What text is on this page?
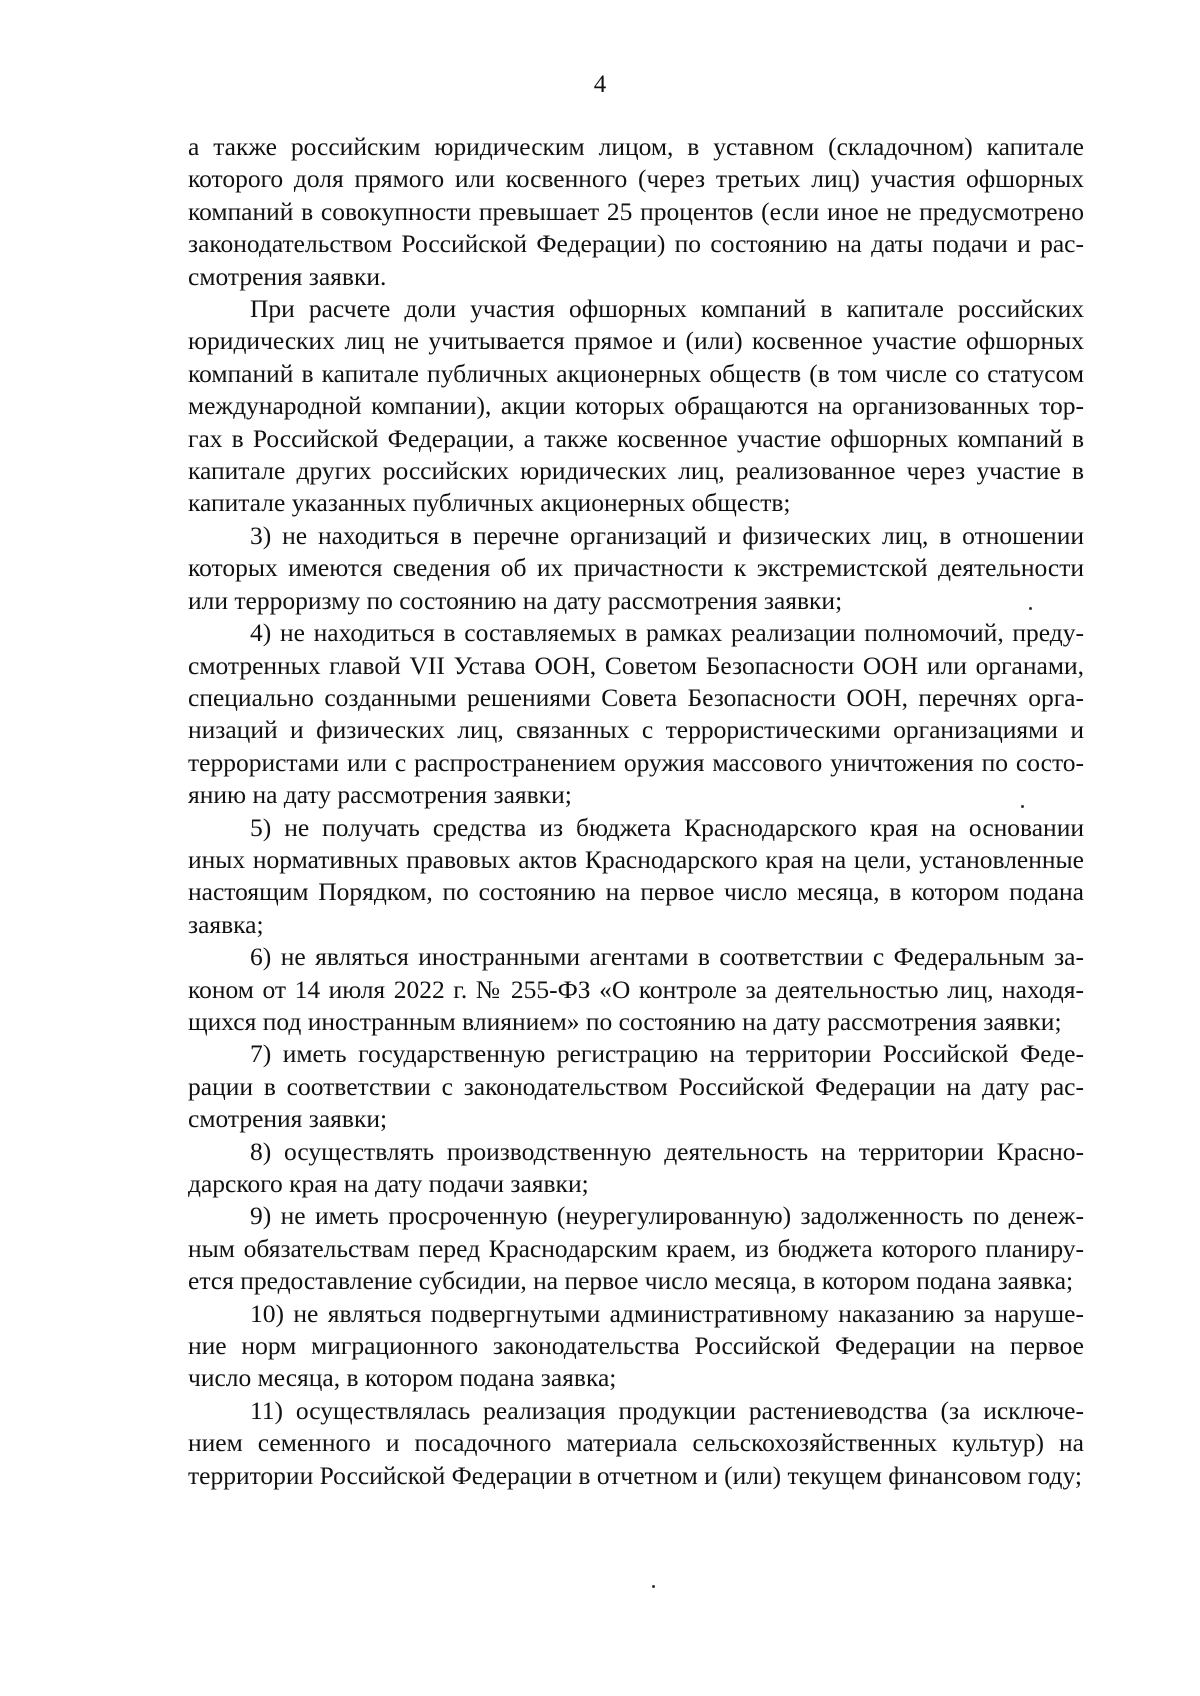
4

а также российским юридическим лицом, в уставном (складочном) капитале которого доля прямого или косвенного (через третьих лиц) участия офшорных компаний в совокупности превышает 25 процентов (если иное не предусмотрено законодательством Российской Федерации) по состоянию на даты подачи и рассмотрения заявки.

При расчете доли участия офшорных компаний в капитале российских юридических лиц не учитывается прямое и (или) косвенное участие офшорных компаний в капитале публичных акционерных обществ (в том числе со статусом международной компании), акции которых обращаются на организованных торгах в Российской Федерации, а также косвенное участие офшорных компаний в капитале других российских юридических лиц, реализованное через участие в капитале указанных публичных акционерных обществ;

3) не находиться в перечне организаций и физических лиц, в отношении которых имеются сведения об их причастности к экстремистской деятельности или терроризму по состоянию на дату рассмотрения заявки;

4) не находиться в составляемых в рамках реализации полномочий, предусмотренных главой VII Устава ООН, Советом Безопасности ООН или органами, специально созданными решениями Совета Безопасности ООН, перечнях организаций и физических лиц, связанных с террористическими организациями и террористами или с распространением оружия массового уничтожения по состоянию на дату рассмотрения заявки;

5) не получать средства из бюджета Краснодарского края на основании иных нормативных правовых актов Краснодарского края на цели, установленные настоящим Порядком, по состоянию на первое число месяца, в котором подана заявка;

6) не являться иностранными агентами в соответствии с Федеральным законом от 14 июля 2022 г. № 255-ФЗ «О контроле за деятельностью лиц, находящихся под иностранным влиянием» по состоянию на дату рассмотрения заявки;

7) иметь государственную регистрацию на территории Российской Федерации в соответствии с законодательством Российской Федерации на дату рассмотрения заявки;

8) осуществлять производственную деятельность на территории Краснодарского края на дату подачи заявки;

9) не иметь просроченную (неурегулированную) задолженность по денежным обязательствам перед Краснодарским краем, из бюджета которого планируется предоставление субсидии, на первое число месяца, в котором подана заявка;

10) не являться подвергнутыми административному наказанию за нарушение норм миграционного законодательства Российской Федерации на первое число месяца, в котором подана заявка;

11) осуществлялась реализация продукции растениеводства (за исключением семенного и посадочного материала сельскохозяйственных культур) на территории Российской Федерации в отчетном и (или) текущем финансовом году;
